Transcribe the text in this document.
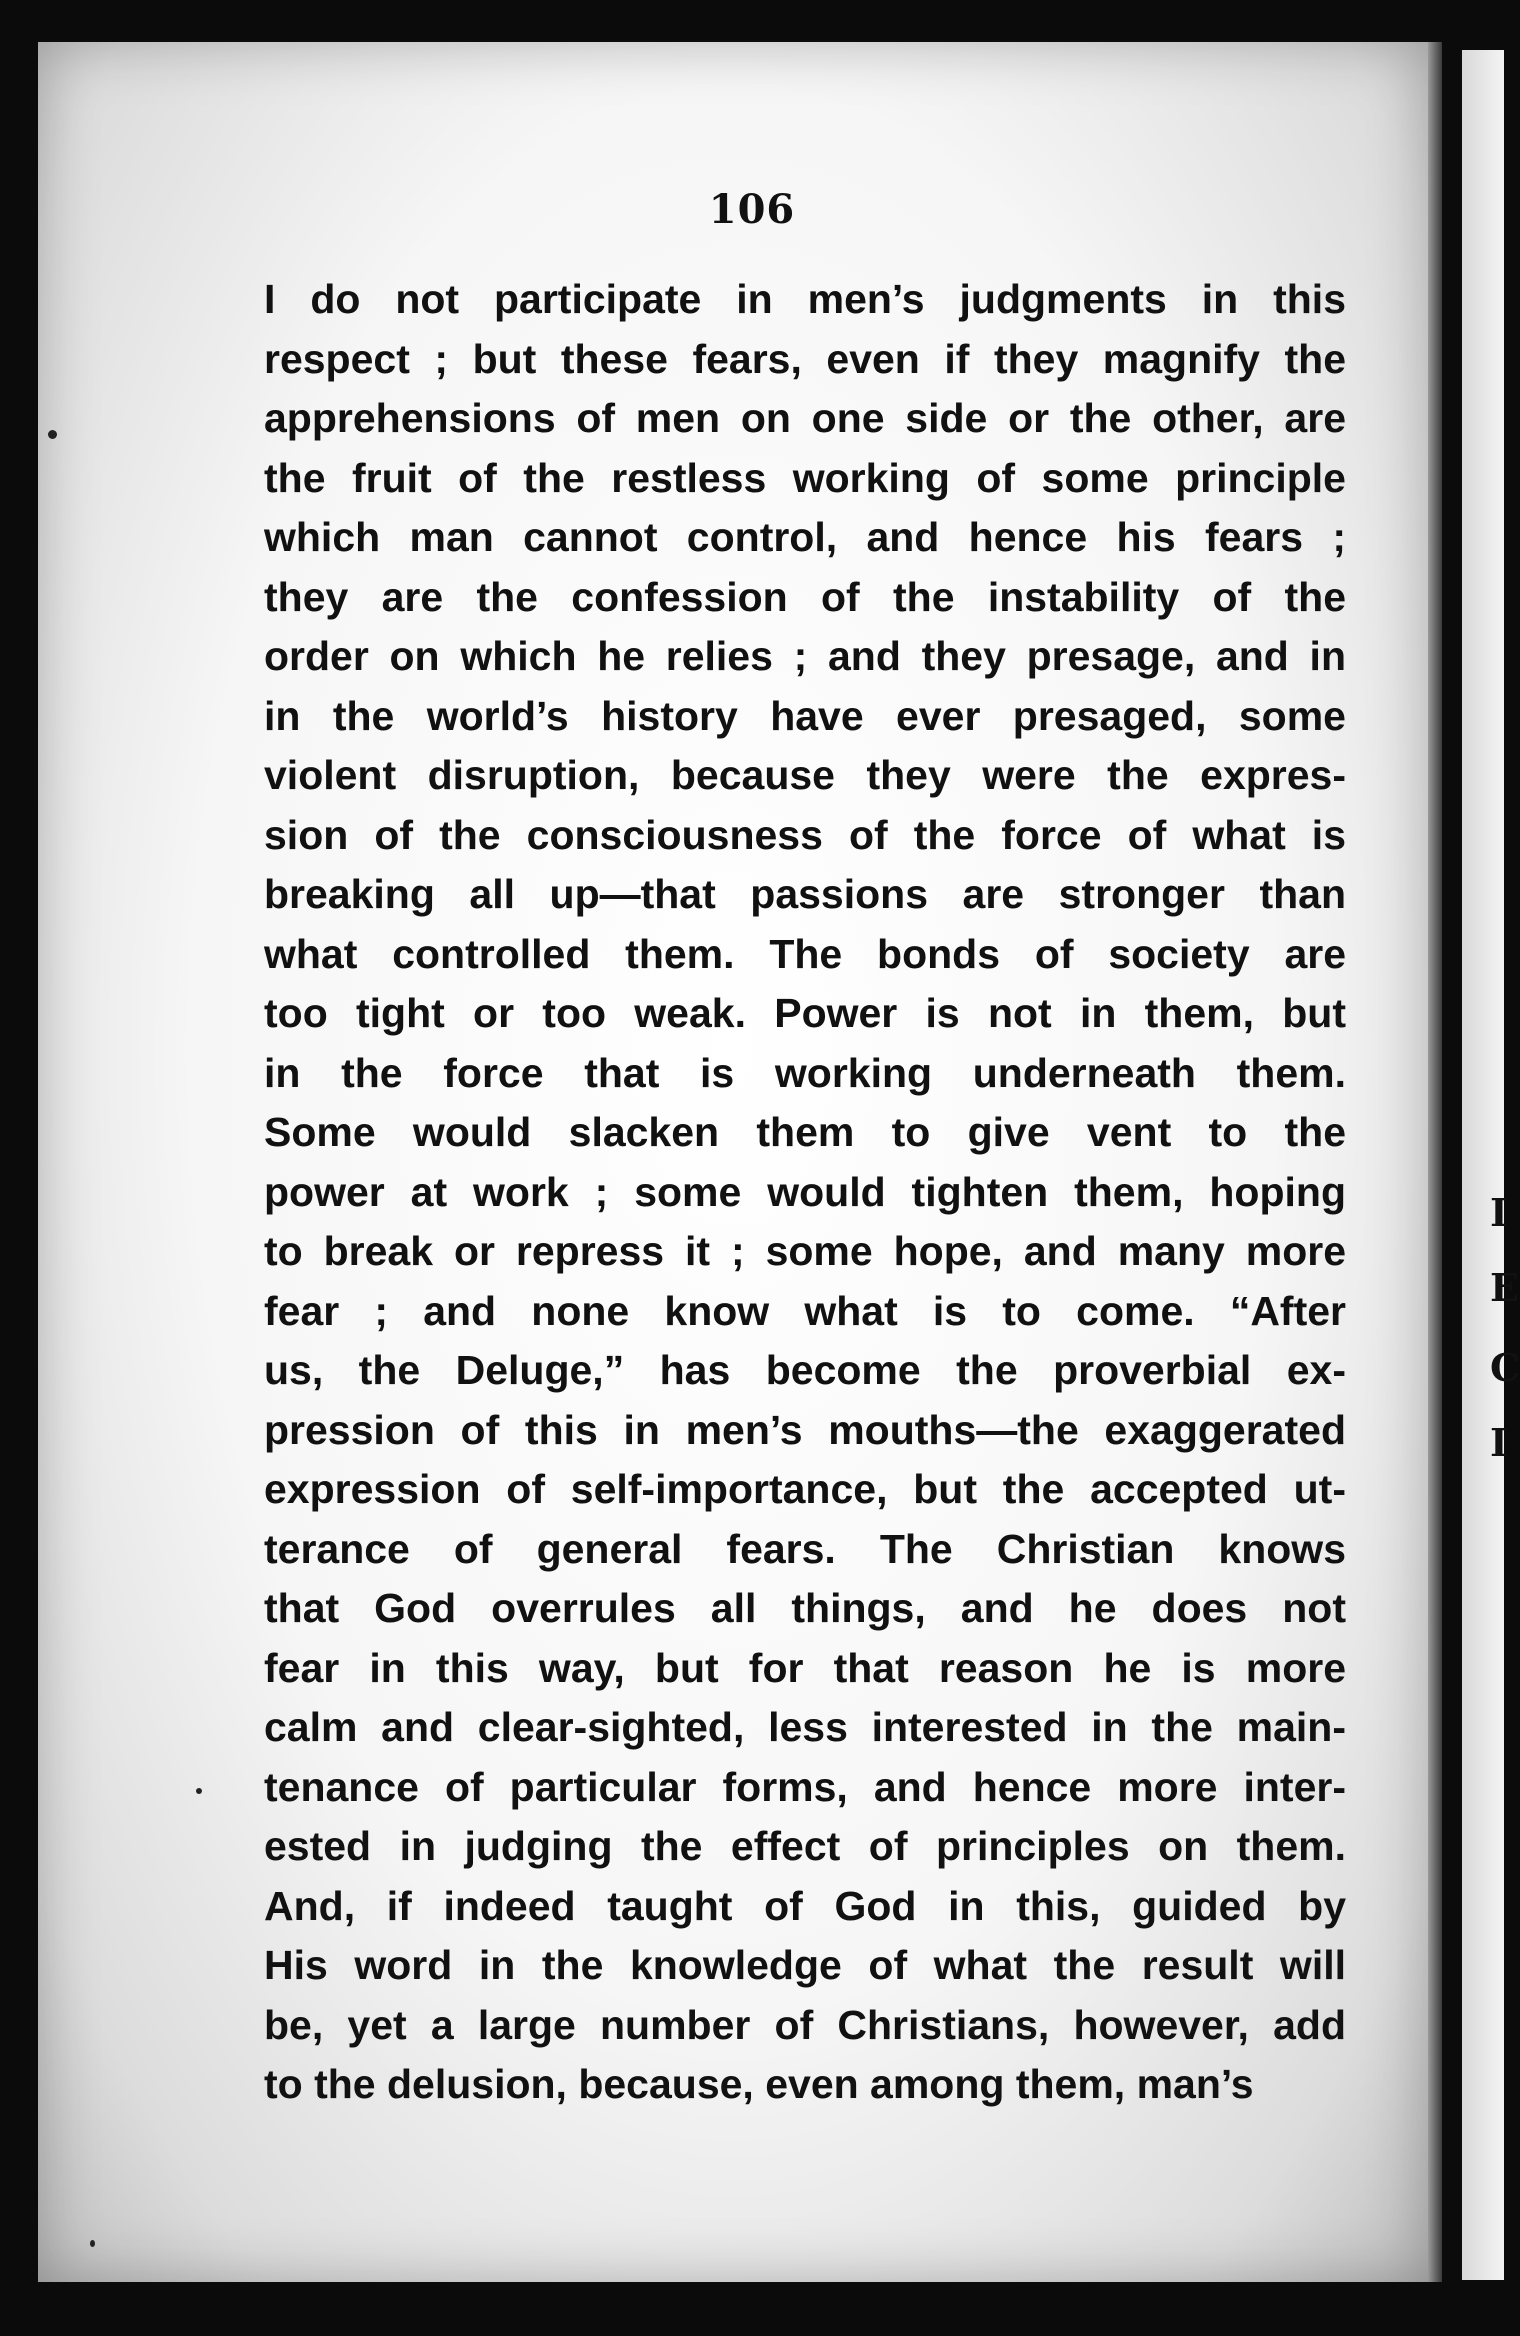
I
E
C
I
106
I do not participate in men’s judgments in this
respect ; but these fears, even if they magnify the
apprehensions of men on one side or the other, are
the fruit of the restless working of some principle
which man cannot control, and hence his fears ;
they are the confession of the instability of the
order on which he relies ; and they presage, and in
in the world’s history have ever presaged, some
violent disruption, because they were the expres-
sion of the consciousness of the force of what is
breaking all up—that passions are stronger than
what controlled them. The bonds of society are
too tight or too weak. Power is not in them, but
in the force that is working underneath them.
Some would slacken them to give vent to the
power at work ; some would tighten them, hoping
to break or repress it ; some hope, and many more
fear ; and none know what is to come. “After
us, the Deluge,” has become the proverbial ex-
pression of this in men’s mouths—the exaggerated
expression of self-importance, but the accepted ut-
terance of general fears. The Christian knows
that God overrules all things, and he does not
fear in this way, but for that reason he is more
calm and clear-sighted, less interested in the main-
tenance of particular forms, and hence more inter-
ested in judging the effect of principles on them.
And, if indeed taught of God in this, guided by
His word in the knowledge of what the result will
be, yet a large number of Christians, however, add
to the delusion, because, even among them, man’s
